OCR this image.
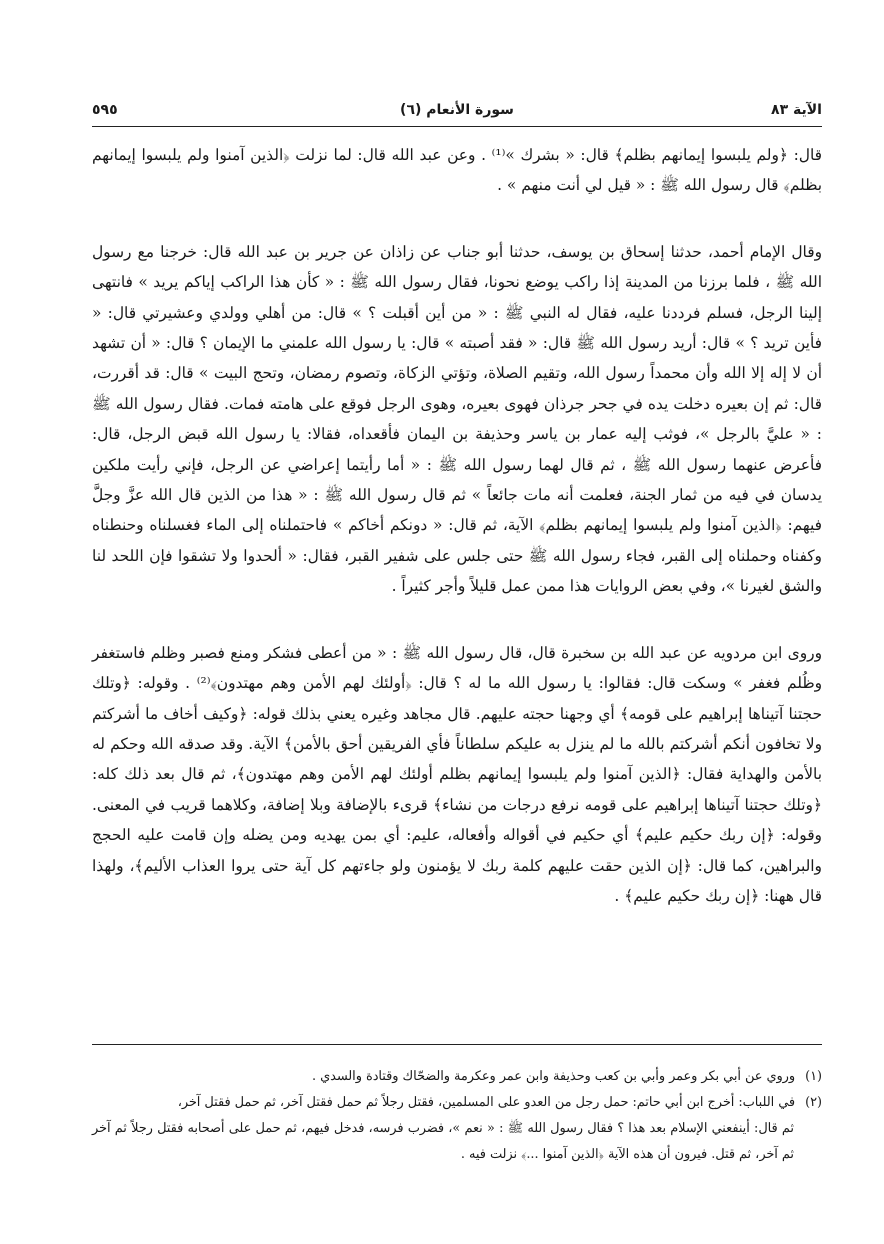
الآية ٨٣
(٦) سورة الأنعام
٥٩٥

قال: ﴿ولم يلبسوا إيمانهم بظلم﴾ قال: « بشرك »⁽¹⁾ . وعن عبد الله قال: لما نزلت ﴿الذين آمنوا ولم يلبسوا إيمانهم بظلم﴾ قال رسول الله ﷺ : « قيل لي أنت منهم » .

وقال الإمام أحمد، حدثنا إسحاق بن يوسف، حدثنا أبو جناب عن زاذان عن جرير بن عبد الله قال: خرجنا مع رسول الله ﷺ ، فلما برزنا من المدينة إذا راكب يوضع نحونا، فقال رسول الله ﷺ : « كأن هذا الراكب إياكم يريد » فانتهى إلينا الرجل، فسلم فرددنا عليه، فقال له النبي ﷺ : « من أين أقبلت ؟ » قال: من أهلي وولدي وعشيرتي قال: « فأين تريد ؟ » قال: أريد رسول الله ﷺ قال: « فقد أصبته » قال: يا رسول الله علمني ما الإيمان ؟ قال: « أن تشهد أن لا إله إلا الله وأن محمداً رسول الله، وتقيم الصلاة، وتؤتي الزكاة، وتصوم رمضان، وتحج البيت » قال: قد أقررت، قال: ثم إن بعيره دخلت يده في جحر جرذان فهوى بعيره، وهوى الرجل فوقع على هامته فمات. فقال رسول الله ﷺ : « عليَّ بالرجل »، فوثب إليه عمار بن ياسر وحذيفة بن اليمان فأقعداه، فقالا: يا رسول الله قبض الرجل، قال: فأعرض عنهما رسول الله ﷺ ، ثم قال لهما رسول الله ﷺ : « أما رأيتما إعراضي عن الرجل، فإني رأيت ملكين يدسان في فيه من ثمار الجنة، فعلمت أنه مات جائعاً » ثم قال رسول الله ﷺ : « هذا من الذين قال الله عزَّ وجلَّ فيهم: ﴿الذين آمنوا ولم يلبسوا إيمانهم بظلم﴾ الآية، ثم قال: « دونكم أخاكم » فاحتملناه إلى الماء فغسلناه وحنطناه وكفناه وحملناه إلى القبر، فجاء رسول الله ﷺ حتى جلس على شفير القبر، فقال: « ألحدوا ولا تشقوا فإن اللحد لنا والشق لغيرنا »، وفي بعض الروايات هذا ممن عمل قليلاً وأجر كثيراً .

وروى ابن مردويه عن عبد الله بن سخبرة قال، قال رسول الله ﷺ : « من أعطى فشكر ومنع فصبر وظلم فاستغفر وظُلم فغفر » وسكت قال: فقالوا: يا رسول الله ما له ؟ قال: ﴿أولئك لهم الأمن وهم مهتدون﴾⁽²⁾ . وقوله: ﴿وتلك حجتنا آتيناها إبراهيم على قومه﴾ أي وجهنا حجته عليهم. قال مجاهد وغيره يعني بذلك قوله: ﴿وكيف أخاف ما أشركتم ولا تخافون أنكم أشركتم بالله ما لم ينزل به عليكم سلطاناً فأي الفريقين أحق بالأمن﴾ الآية. وقد صدقه الله وحكم له بالأمن والهداية فقال: ﴿الذين آمنوا ولم يلبسوا إيمانهم بظلم أولئك لهم الأمن وهم مهتدون﴾، ثم قال بعد ذلك كله: ﴿وتلك حجتنا آتيناها إبراهيم على قومه نرفع درجات من نشاء﴾ قرىء بالإضافة وبلا إضافة، وكلاهما قريب في المعنى. وقوله: ﴿إن ربك حكيم عليم﴾ أي حكيم في أقواله وأفعاله، عليم: أي بمن يهديه ومن يضله وإن قامت عليه الحجج والبراهين، كما قال: ﴿إن الذين حقت عليهم كلمة ربك لا يؤمنون ولو جاءتهم كل آية حتى يروا العذاب الأليم﴾، ولهذا قال ههنا: ﴿إن ربك حكيم عليم﴾ .

(١) وروي عن أبي بكر وعمر وأبي بن كعب وحذيفة وابن عمر وعكرمة والضحّاك وقتادة والسدي .

(٢) في اللباب: أخرج ابن أبي حاتم: حمل رجل من العدو على المسلمين، فقتل رجلاً ثم حمل فقتل آخر، ثم حمل فقتل آخر،

ثم قال: أينفعني الإسلام بعد هذا ؟ فقال رسول الله ﷺ : « نعم »، فضرب فرسه، فدخل فيهم، ثم حمل على أصحابه فقتل رجلاً ثم آخر ثم آخر، ثم قتل. فيرون أن هذه الآية ﴿الذين آمنوا ...﴾ نزلت فيه .
